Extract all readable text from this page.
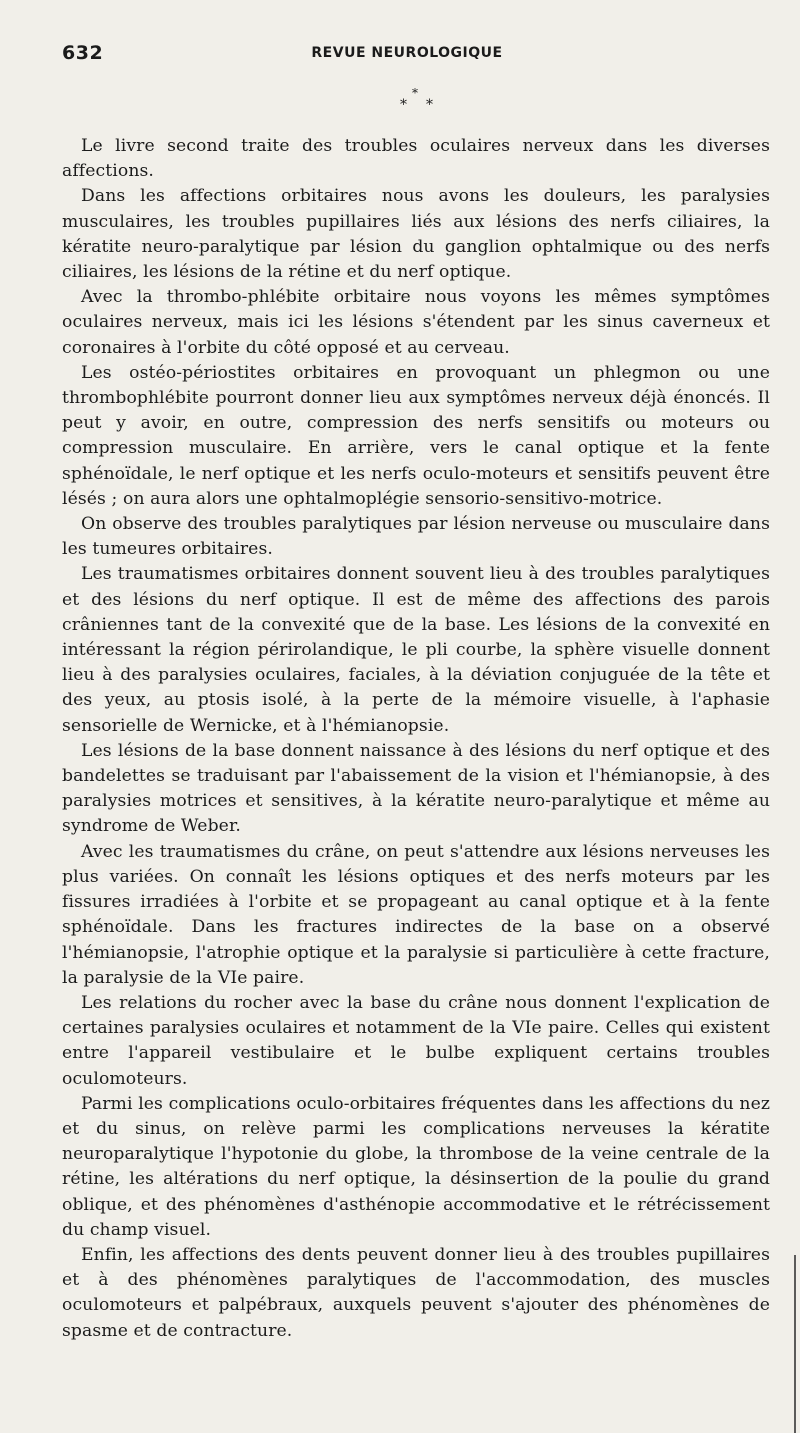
632	REVUE NEUROLOGIQUE
*
* *

Le livre second traite des troubles oculaires nerveux dans les diverses affections.

Dans les affections orbitaires nous avons les douleurs, les paralysies musculaires, les troubles pupillaires liés aux lésions des nerfs ciliaires, la kératite neuro-paralytique par lésion du ganglion ophtalmique ou des nerfs ciliaires, les lésions de la rétine et du nerf optique.

Avec la thrombo-phlébite orbitaire nous voyons les mêmes symptômes oculaires nerveux, mais ici les lésions s'étendent par les sinus caverneux et coronaires à l'orbite du côté opposé et au cerveau.

Les ostéo-périostites orbitaires en provoquant un phlegmon ou une thrombophlébite pourront donner lieu aux symptômes nerveux déjà énoncés. Il peut y avoir, en outre, compression des nerfs sensitifs ou moteurs ou compression musculaire. En arrière, vers le canal optique et la fente sphénoïdale, le nerf optique et les nerfs oculo-moteurs et sensitifs peuvent être lésés ; on aura alors une ophtalmoplégie sensorio-sensitivo-motrice.

On observe des troubles paralytiques par lésion nerveuse ou musculaire dans les tumeures orbitaires.

Les traumatismes orbitaires donnent souvent lieu à des troubles paralytiques et des lésions du nerf optique. Il est de même des affections des parois crâniennes tant de la convexité que de la base. Les lésions de la convexité en intéressant la région périrolandique, le pli courbe, la sphère visuelle donnent lieu à des paralysies oculaires, faciales, à la déviation conjuguée de la tête et des yeux, au ptosis isolé, à la perte de la mémoire visuelle, à l'aphasie sensorielle de Wernicke, et à l'hémianopsie.

Les lésions de la base donnent naissance à des lésions du nerf optique et des bandelettes se traduisant par l'abaissement de la vision et l'hémianopsie, à des paralysies motrices et sensitives, à la kératite neuro-paralytique et même au syndrome de Weber.

Avec les traumatismes du crâne, on peut s'attendre aux lésions nerveuses les plus variées. On connaît les lésions optiques et des nerfs moteurs par les fissures irradiées à l'orbite et se propageant au canal optique et à la fente sphénoïdale. Dans les fractures indirectes de la base on a observé l'hémianopsie, l'atrophie optique et la paralysie si particulière à cette fracture, la paralysie de la VIe paire.

Les relations du rocher avec la base du crâne nous donnent l'explication de certaines paralysies oculaires et notamment de la VIe paire. Celles qui existent entre l'appareil vestibulaire et le bulbe expliquent certains troubles oculomoteurs.

Parmi les complications oculo-orbitaires fréquentes dans les affections du nez et du sinus, on relève parmi les complications nerveuses la kératite neuroparalytique l'hypotonie du globe, la thrombose de la veine centrale de la rétine, les altérations du nerf optique, la désinsertion de la poulie du grand oblique, et des phénomènes d'asthénopie accommodative et le rétrécissement du champ visuel.

Enfin, les affections des dents peuvent donner lieu à des troubles pupillaires et à des phénomènes paralytiques de l'accommodation, des muscles oculomoteurs et palpébraux, auxquels peuvent s'ajouter des phénomènes de spasme et de contracture.
